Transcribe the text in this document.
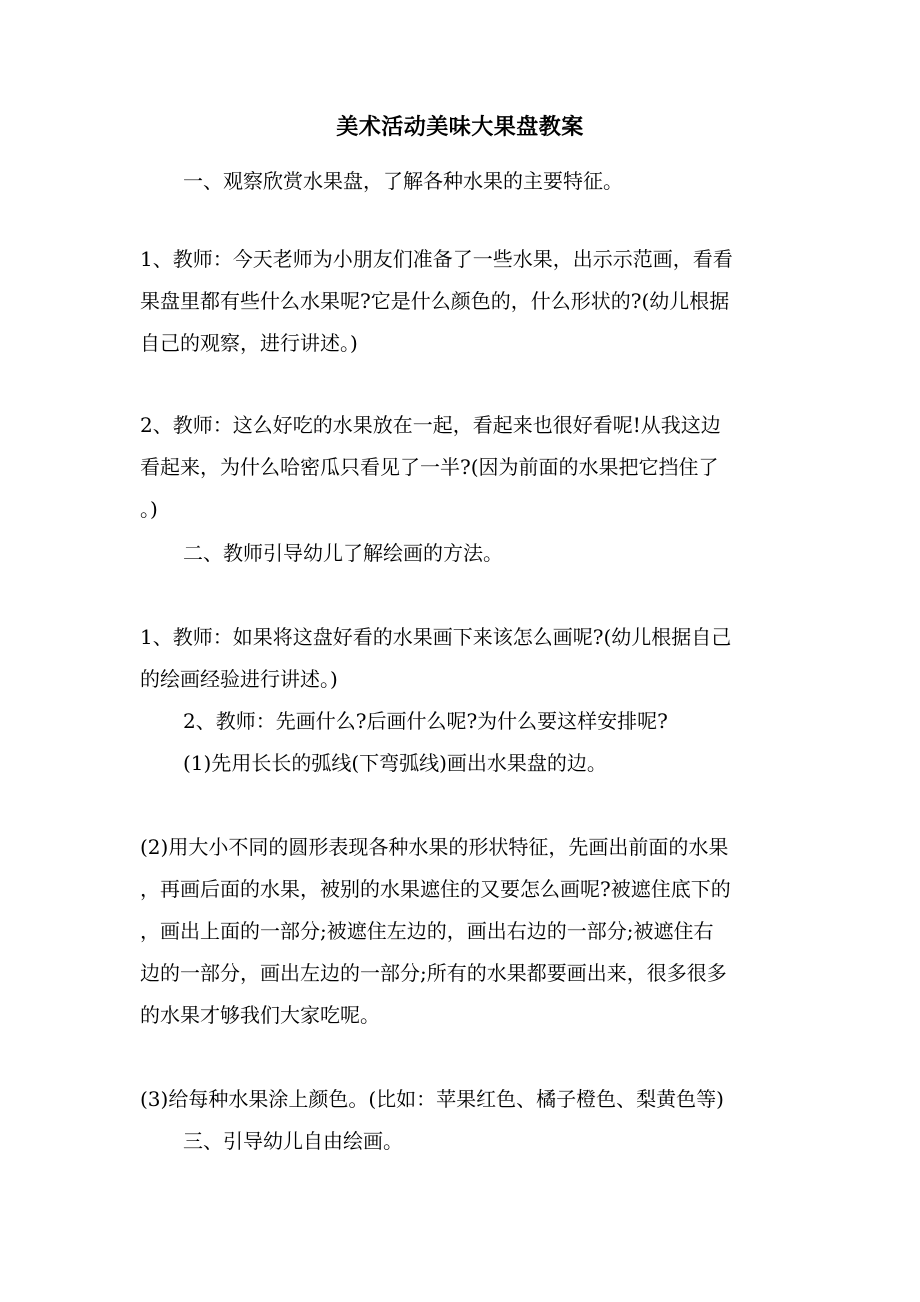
美术活动美味大果盘教案

一、观察欣赏水果盘，了解各种水果的主要特征。

1、教师：今天老师为小朋友们准备了一些水果，出示示范画，看看
果盘里都有些什么水果呢?它是什么颜色的，什么形状的?(幼儿根据
自己的观察，进行讲述。)

2、教师：这么好吃的水果放在一起，看起来也很好看呢!从我这边
看起来，为什么哈密瓜只看见了一半?(因为前面的水果把它挡住了
。)

二、教师引导幼儿了解绘画的方法。

1、教师：如果将这盘好看的水果画下来该怎么画呢?(幼儿根据自己
的绘画经验进行讲述。)

2、教师：先画什么?后画什么呢?为什么要这样安排呢?

(1)先用长长的弧线(下弯弧线)画出水果盘的边。

(2)用大小不同的圆形表现各种水果的形状特征，先画出前面的水果
，再画后面的水果，被别的水果遮住的又要怎么画呢?被遮住底下的
，画出上面的一部分;被遮住左边的，画出右边的一部分;被遮住右
边的一部分，画出左边的一部分;所有的水果都要画出来，很多很多
的水果才够我们大家吃呢。

(3)给每种水果涂上颜色。(比如：苹果红色、橘子橙色、梨黄色等)

三、引导幼儿自由绘画。
